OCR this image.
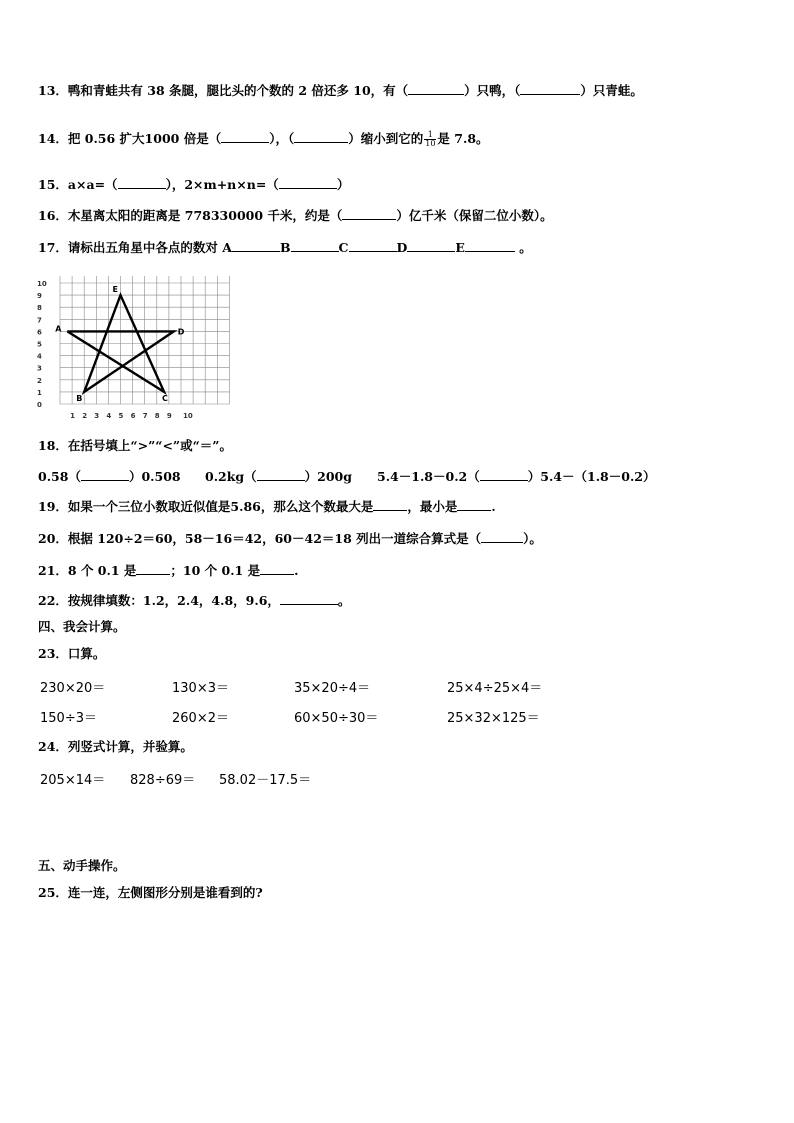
13．鸭和青蛙共有 38 条腿，腿比头的个数的 2 倍还多 10，有（	）只鸭，（	）只青蛙。
14．把 0.56 扩大1000 倍是（	），（	）缩小到它的 $\frac{1}{10}$ 是 7.8。
15．a×a=（	），2×m+n×n=（	）
16．木星离太阳的距离是 778330000 千米，约是（	）亿千米（保留二位小数）。
17．请标出五角星中各点的数对 A	B	C	D	E	。
0
1
2
3
4
5
6
7
8
9
10
1 2 3 4 5 6 7 8 9 10
A
B	C
D
E
18．在括号填上“>”“<”或“＝”。
0.58（	）0.508 0.2kg（	）200g 5.4－1.8－0.2（	）5.4－（1.8－0.2）
19．如果一个三位小数取近似值是5.86，那么这个数最大是	，最小是	.
20．根据 120÷2＝60，58－16＝42，60－42＝18 列出一道综合算式是（	）。
21．8 个 0.1 是	；10 个 0.1 是	.
22．按规律填数：1.2，2.4，4.8，9.6，	。
四、我会计算。
23．口算。
230×20＝	130×3＝	35×20÷4＝	25×4÷25×4＝
150÷3＝	260×2＝	60×50÷30＝	25×32×125＝
24．列竖式计算，并验算。
205×14＝ 828÷69＝ 58.02－17.5＝
五、动手操作。
25．连一连，左侧图形分别是谁看到的?
